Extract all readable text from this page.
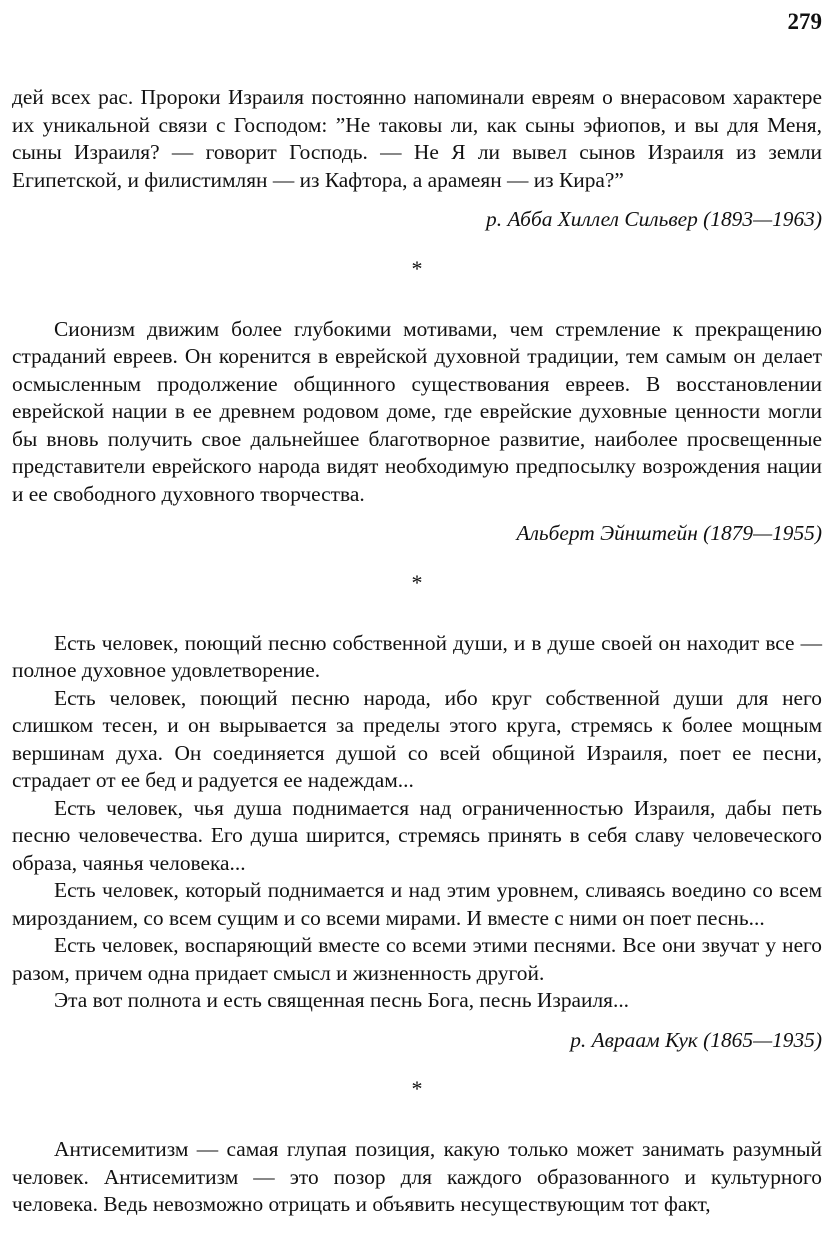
279

дей всех рас. Пророки Израиля постоянно напоминали евреям о внерасовом характере их уникальной связи с Господом: ”Не таковы ли, как сыны эфиопов, и вы для Меня, сыны Израиля? — говорит Господь. — Не Я ли вывел сынов Израиля из земли Египетской, и филистимлян — из Кафтора, а арамеян — из Кира?”

р. Абба Хиллел Сильвер (1893—1963)
*

Сионизм движим более глубокими мотивами, чем стремление к прекращению страданий евреев. Он коренится в еврейской духовной традиции, тем самым он делает осмысленным продолжение общинного существования евреев. В восстановлении еврейской нации в ее древнем родовом доме, где еврейские духовные ценности могли бы вновь получить свое дальнейшее благотворное развитие, наиболее просвещенные представители еврейского народа видят необходимую предпосылку возрождения нации и ее свободного духовного творчества.

Альберт Эйнштейн (1879—1955)
*

Есть человек, поющий песню собственной души, и в душе своей он находит все — полное духовное удовлетворение.

Есть человек, поющий песню народа, ибо круг собственной души для него слишком тесен, и он вырывается за пределы этого круга, стремясь к более мощным вершинам духа. Он соединяется душой со всей общиной Израиля, поет ее песни, страдает от ее бед и радуется ее надеждам...

Есть человек, чья душа поднимается над ограниченностью Израиля, дабы петь песню человечества. Его душа ширится, стремясь принять в себя славу человеческого образа, чаянья человека...

Есть человек, который поднимается и над этим уровнем, сливаясь воедино со всем мирозданием, со всем сущим и со всеми мирами. И вместе с ними он поет песнь...

Есть человек, воспаряющий вместе со всеми этими песнями. Все они звучат у него разом, причем одна придает смысл и жизненность другой.

Эта вот полнота и есть священная песнь Бога, песнь Израиля...

р. Авраам Кук (1865—1935)
*

Антисемитизм — самая глупая позиция, какую только может занимать разумный человек. Антисемитизм — это позор для каждого образованного и культурного человека. Ведь невозможно отрицать и объявить несуществующим тот факт,
